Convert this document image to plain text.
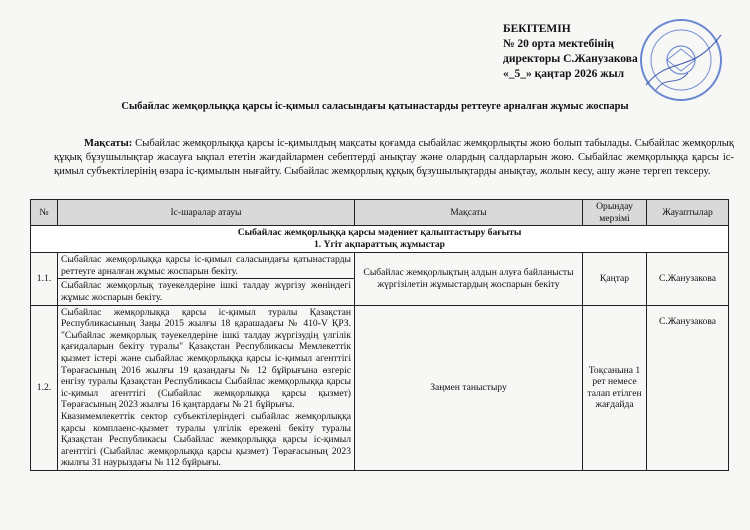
БЕКІТЕМІН
№ 20 орта мектебінің
директоры С.Жанузакова
«_5_» қаңтар 2026 жыл
Сыбайлас жемқорлыққа қарсы іс-қимыл саласындағы қатынастарды реттеуге арналған жұмыс жоспары
Мақсаты: Сыбайлас жемқорлыққа қарсы іс-қимылдың мақсаты қоғамда сыбайлас жемқорлықты жою болып табылады. Сыбайлас жемқорлық құқық бұзушылықтар жасауға ықпал ететін жағдайлармен себептерді анықтау және олардың салдарларын жою. Сыбайлас жемқорлыққа қарсы іс-қимыл субъектілерінің өзара іс-қимылын нығайту. Сыбайлас жемқорлық құқық бұзушылықтарды анықтау, жолын кесу, ашу және тергеп тексеру.
№	Іс-шаралар атауы	Мақсаты	Орындау мерзімі	Жауаптылар

Сыбайлас жемқорлыққа қарсы мәдениет қалыптастыру бағыты
1. Үгіт ақпараттық жұмыстар				

1.1.	Сыбайлас жемқорлыққа қарсы іс-қимыл саласындағы қатынастарды реттеуге арналған жұмыс жоспарын бекіту.	Сыбайлас жемқорлықтың алдын алуға байланысты жүргізілетін жұмыстардың жоспарын бекіту	Қаңтар	С.Жанузакова
	Сыбайлас жемқорлық тәуекелдеріне ішкі талдау жүргізу жөніндегі жұмыс жоспарын бекіту.			
1.2.	Сыбайлас жемқорлыққа қарсы іс-қимыл туралы Қазақстан Республикасының Заңы 2015 жылғы 18 қарашадағы № 410-V ҚРЗ. "Сыбайлас жемқорлық тәуекелдеріне ішкі талдау жүргізудің үлгілік қағидаларын бекіту туралы" Қазақстан Республикасы Мемлекеттік қызмет істері және сыбайлас жемқорлыққа қарсы іс-қимыл агенттігі Төрағасының 2016 жылғы 19 қазандағы № 12 бұйрығына өзгеріс енгізу туралы Қазақстан Республикасы Сыбайлас жемқорлыққа қарсы іс-қимыл агенттігі (Сыбайлас жемқорлыққа қарсы қызмет) Төрағасының 2023 жылғы 16 қаңтардағы № 21 бұйрығы.
Квазимемлекеттік сектор субъектілеріндегі сыбайлас жемқорлыққа қарсы комплаенс-қызмет туралы үлгілік ережені бекіту туралы Қазақстан Республикасы Сыбайлас жемқорлыққа қарсы іс-қимыл агенттігі (Сыбайлас жемқорлыққа қарсы қызмет) Төрағасының 2023 жылғы 31 наурыздағы № 112 бұйрығы.	Заңмен таныстыру	Тоқсанына 1 рет немесе талап етілген жағдайда	С.Жанузакова
